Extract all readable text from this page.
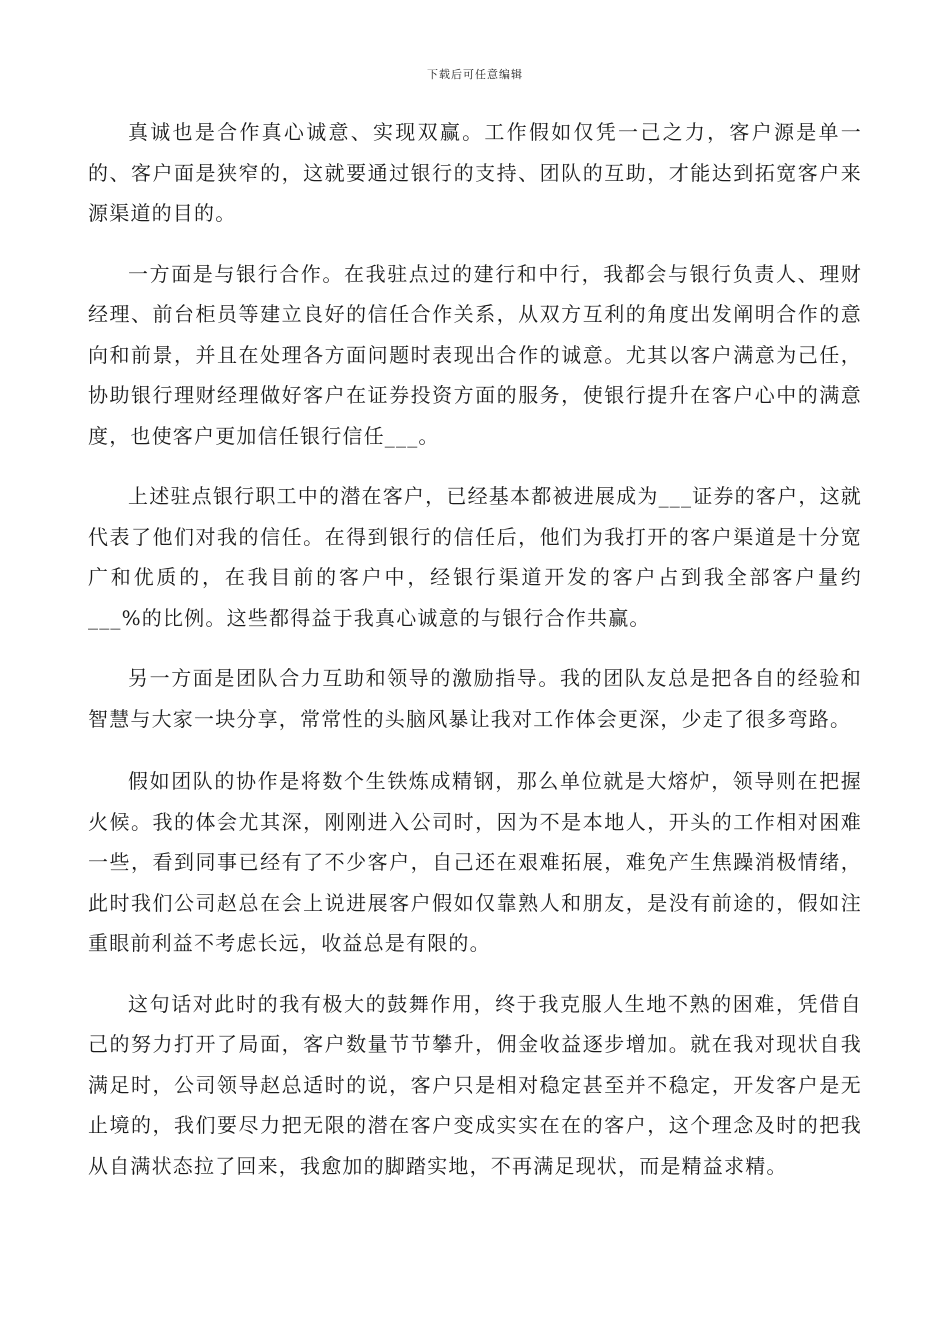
下载后可任意编辑

真诚也是合作真心诚意、实现双赢。工作假如仅凭一己之力，客户源是单一的、客户面是狭窄的，这就要通过银行的支持、团队的互助，才能达到拓宽客户来源渠道的目的。

一方面是与银行合作。在我驻点过的建行和中行，我都会与银行负责人、理财经理、前台柜员等建立良好的信任合作关系，从双方互利的角度出发阐明合作的意向和前景，并且在处理各方面问题时表现出合作的诚意。尤其以客户满意为己任，协助银行理财经理做好客户在证券投资方面的服务，使银行提升在客户心中的满意度，也使客户更加信任银行信任___。

上述驻点银行职工中的潜在客户，已经基本都被进展成为___证券的客户，这就代表了他们对我的信任。在得到银行的信任后，他们为我打开的客户渠道是十分宽广和优质的，在我目前的客户中，经银行渠道开发的客户占到我全部客户量约___%的比例。这些都得益于我真心诚意的与银行合作共赢。

另一方面是团队合力互助和领导的激励指导。我的团队友总是把各自的经验和智慧与大家一块分享，常常性的头脑风暴让我对工作体会更深，少走了很多弯路。

假如团队的协作是将数个生铁炼成精钢，那么单位就是大熔炉，领导则在把握火候。我的体会尤其深，刚刚进入公司时，因为不是本地人，开头的工作相对困难一些，看到同事已经有了不少客户，自己还在艰难拓展，难免产生焦躁消极情绪，此时我们公司赵总在会上说进展客户假如仅靠熟人和朋友，是没有前途的，假如注重眼前利益不考虑长远，收益总是有限的。

这句话对此时的我有极大的鼓舞作用，终于我克服人生地不熟的困难，凭借自己的努力打开了局面，客户数量节节攀升，佣金收益逐步增加。就在我对现状自我满足时，公司领导赵总适时的说，客户只是相对稳定甚至并不稳定，开发客户是无止境的，我们要尽力把无限的潜在客户变成实实在在的客户，这个理念及时的把我从自满状态拉了回来，我愈加的脚踏实地，不再满足现状，而是精益求精。
